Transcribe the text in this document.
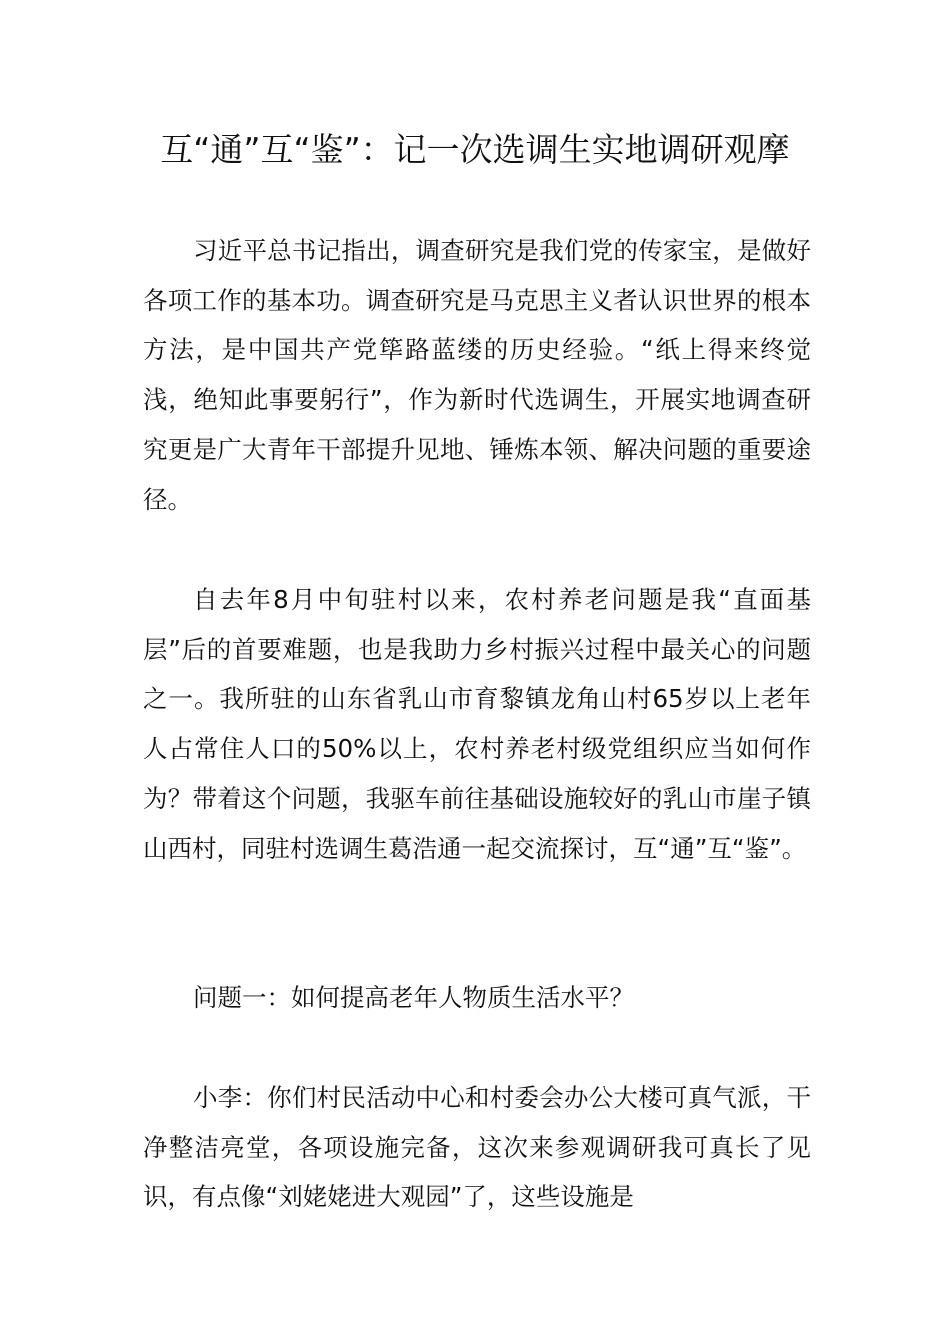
互“通”互“鉴”：记一次选调生实地调研观摩

习近平总书记指出，调查研究是我们党的传家宝，是做好各项工作的基本功。调查研究是马克思主义者认识世界的根本方法，是中国共产党筚路蓝缕的历史经验。“纸上得来终觉浅，绝知此事要躬行”，作为新时代选调生，开展实地调查研究更是广大青年干部提升见地、锤炼本领、解决问题的重要途径。

自去年8月中旬驻村以来，农村养老问题是我“直面基层”后的首要难题，也是我助力乡村振兴过程中最关心的问题之一。我所驻的山东省乳山市育黎镇龙角山村65岁以上老年人占常住人口的50%以上，农村养老村级党组织应当如何作为？带着这个问题，我驱车前往基础设施较好的乳山市崖子镇山西村，同驻村选调生葛浩通一起交流探讨，互“通”互“鉴”。

问题一：如何提高老年人物质生活水平？

小李：你们村民活动中心和村委会办公大楼可真气派，干净整洁亮堂，各项设施完备，这次来参观调研我可真长了见识，有点像“刘姥姥进大观园”了，这些设施是
